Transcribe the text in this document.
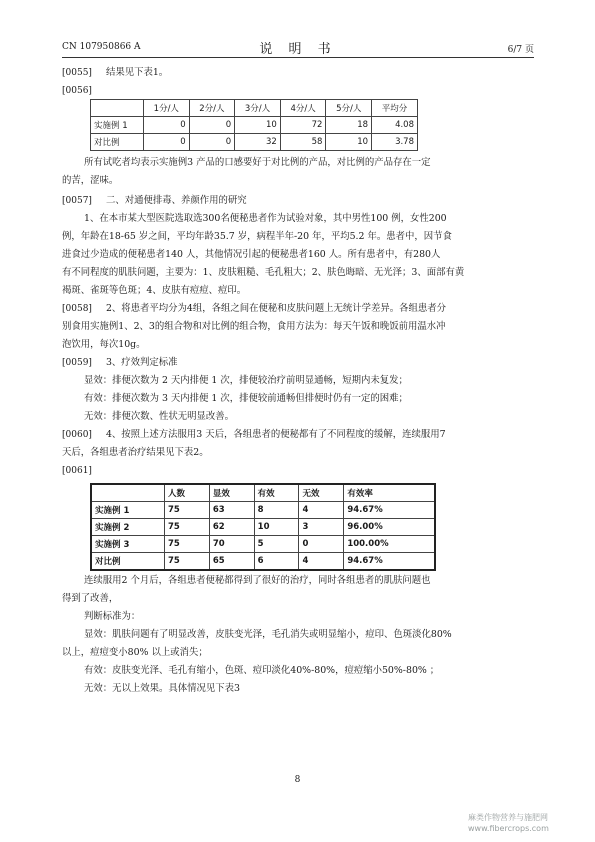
CN 107950866 A	说 明 书	6/7 页
[0055] 结果见下表1。
[0056]
	1分/人	2分/人	3分/人	4分/人	5分/人	平均分
实施例 1	0	0	10	72	18	4.08
对比例	0	0	32	58	10	3.78
所有试吃者均表示实施例3 产品的口感要好于对比例的产品，对比例的产品存在一定
的苦，涩味。
[0057] 二、对通便排毒、养颜作用的研究
1、在本市某大型医院选取选300名便秘患者作为试验对象，其中男性100 例，女性200
例，年龄在18-65 岁之间，平均年龄35.7 岁，病程半年-20 年，平均5.2 年。患者中，因节食
进食过少造成的便秘患者140 人，其他情况引起的便秘患者160 人。所有患者中，有280人
有不同程度的肌肤问题，主要为：1、皮肤粗糙、毛孔粗大；2、肤色晦暗、无光泽；3、面部有黄
褐斑、雀斑等色斑；4、皮肤有痘痘、痘印。
[0058] 2、将患者平均分为4组，各组之间在便秘和皮肤问题上无统计学差异。各组患者分
别食用实施例1、2、3的组合物和对比例的组合物，食用方法为：每天午饭和晚饭前用温水冲
泡饮用，每次10g。
[0059] 3、疗效判定标准
显效：排便次数为 2 天内排便 1 次，排便较治疗前明显通畅，短期内未复发；
有效：排便次数为 3 天内排便 1 次，排便较前通畅但排便时仍有一定的困难；
无效：排便次数、性状无明显改善。
[0060] 4、按照上述方法服用3 天后，各组患者的便秘都有了不同程度的缓解，连续服用7
天后，各组患者治疗结果见下表2。
[0061]
	人数	显效	有效	无效	有效率
实施例 1	75	63	8	4	94.67%
实施例 2	75	62	10	3	96.00%
实施例 3	75	70	5	0	100.00%
对比例	75	65	6	4	94.67%
连续服用2 个月后，各组患者便秘都得到了很好的治疗，同时各组患者的肌肤问题也
得到了改善，
判断标准为：
显效：肌肤问题有了明显改善，皮肤变光泽，毛孔消失或明显缩小，痘印、色斑淡化80%
以上，痘痘变小80% 以上或消失；
有效：皮肤变光泽、毛孔有缩小，色斑、痘印淡化40%-80%，痘痘缩小50%-80% ；
无效：无以上效果。具体情况见下表3
8
麻类作物营养与施肥网
www.fibercrops.com
